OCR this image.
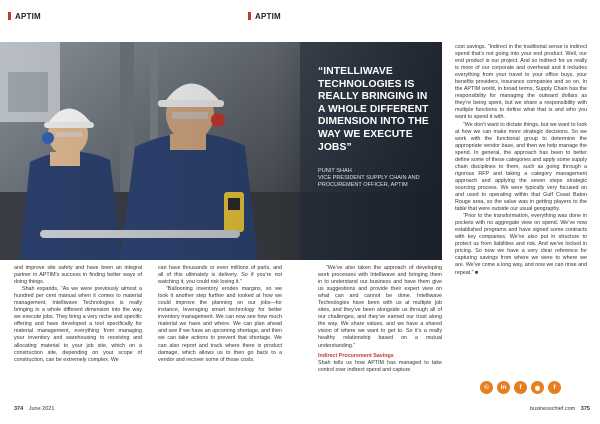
APTIM	APTIM
“INTELLIWAVE TECHNOLOGIES IS REALLY BRINGING IN A WHOLE DIFFERENT DIMENSION INTO THE WAY WE EXECUTE JOBS”
PUNIT SHAH
VICE PRESIDENT SUPPLY CHAIN AND PROCUREMENT OFFICER, APTIM

and improve site safety and have been an integral partner in APTIM’s success in finding better ways of doing things.

Shah expands, “As we were previously almost a hundred per cent manual when it comes to material management, Intelliwave Technologies is really bringing in a whole different dimension into the way we execute jobs. They bring a very niche and specific offering and have developed a tool specifically for material management, everything from managing your inventory and warehousing to receiving and allocating material to your job site, which on a construction site, depending on your scope of construction, can be extremely complex. We

can have thousands or even millions of parts, and all of this ultimately is delivery. So if you’re not watching it, you could risk losing it.”

“Ballooning inventory erodes margins, so we took it another step further and looked at how we could improve the planning on our jobs—for instance, leveraging smart technology for better inventory management. We can now see how much material we have and where. We can plan ahead and see if we have an upcoming shortage, and then we can take actions to prevent that shortage. We can also report and track where there is product damage, which allows us to then go back to a vendor and recover some of those costs.

“We’ve also taken the approach of developing work processes with Intelliwave and bringing them in to understand our business and have them give us suggestions and provide their expert view on what can and cannot be done. Intelliwave Technologies have been with us at multiple job sites, and they’ve been alongside us through all of our challenges, and they’ve earned our trust along the way. We share values, and we have a shared vision of where we want to get to. So it’s a really healthy relationship based on a mutual understanding.”

Indirect Procurement Savings

Shah tells us how APTIM has managed to take control over indirect spend and capture

cost savings. “Indirect in the traditional sense is indirect spend that’s not going into your end product. Well, our end product is our project. And so indirect for us really is more of our corporate and overhead and it includes everything from your travel to your office buys, your benefits providers, insurance companies and so on. In the APTIM world, in broad terms, Supply Chain has the responsibility for managing the outward dollars as they’re being spent, but we share a responsibility with multiple functions to define what that is and who you want to spend it with.

“We don’t want to dictate things, but we want to look at how we can make more strategic decisions. So we work with the functional group to determine the appropriate vendor base, and then we help manage the spend. In general, the approach has been to better define some of these categories and apply some supply chain disciplines to them, such as going through a rigorous RFP and taking a category management approach and applying the seven steps strategic sourcing process. We were typically very focused on and used to operating within that Gulf Coast Baton Rouge area, so the value was in getting players to the table that were outside our usual geography.

“Prior to the transformation, everything was done in pockets with no aggregate view on spend. We’ve now established programs and have signed some contracts with key companies. We’ve also put in structure to protect us from liabilities and risk. And we’ve locked in pricing. So now we have a very clear reference for capturing savings from where we were to where we are. We’ve come a long way, and now we can rinse and repeat.” ■

©	in	f	◉	f
374 June 2021	businesschief.com 375
